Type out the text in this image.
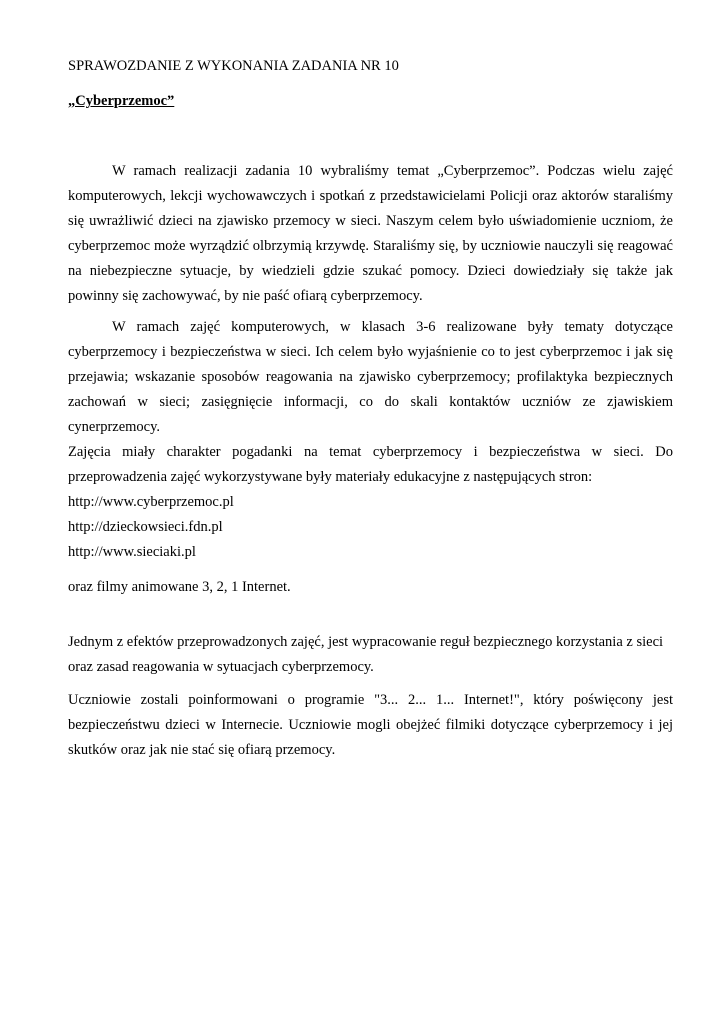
SPRAWOZDANIE Z WYKONANIA ZADANIA NR 10
„Cyberprzemoc”
W ramach realizacji zadania 10 wybraliśmy temat „Cyberprzemoc”. Podczas wielu zajęć komputerowych, lekcji wychowawczych i spotkań z przedstawicielami Policji oraz aktorów staraliśmy się uwrażliwić dzieci na zjawisko przemocy w sieci. Naszym celem było uświadomienie uczniom, że cyberprzemoc może wyrządzić olbrzymią krzywdę. Staraliśmy się, by uczniowie nauczyli się reagować na niebezpieczne sytuacje, by wiedzieli gdzie szukać pomocy. Dzieci dowiedziały się także jak powinny się zachowywać, by nie paść ofiarą cyberprzemocy.
W ramach zajęć komputerowych, w klasach 3-6 realizowane były tematy dotyczące cyberprzemocy i bezpieczeństwa w sieci. Ich celem było wyjaśnienie co to jest cyberprzemoc i jak się przejawia; wskazanie sposobów reagowania na zjawisko cyberprzemocy; profilaktyka bezpiecznych zachowań w sieci; zasięgnięcie informacji, co do skali kontaktów uczniów ze zjawiskiem cynerprzemocy.
Zajęcia miały charakter pogadanki na temat cyberprzemocy i bezpieczeństwa w sieci. Do przeprowadzenia zajęć wykorzystywane były materiały edukacyjne z następujących stron:
http://www.cyberprzemoc.pl
http://dzieckowsieci.fdn.pl
http://www.sieciaki.pl
oraz filmy animowane 3, 2, 1 Internet.
Jednym z efektów przeprowadzonych zajęć, jest wypracowanie reguł bezpiecznego korzystania z sieci oraz zasad reagowania w sytuacjach cyberprzemocy.
Uczniowie zostali poinformowani o programie "3... 2... 1... Internet!", który poświęcony jest bezpieczeństwu dzieci w Internecie. Uczniowie mogli obejżeć filmiki dotyczące cyberprzemocy i jej skutków oraz jak nie stać się ofiarą przemocy.
